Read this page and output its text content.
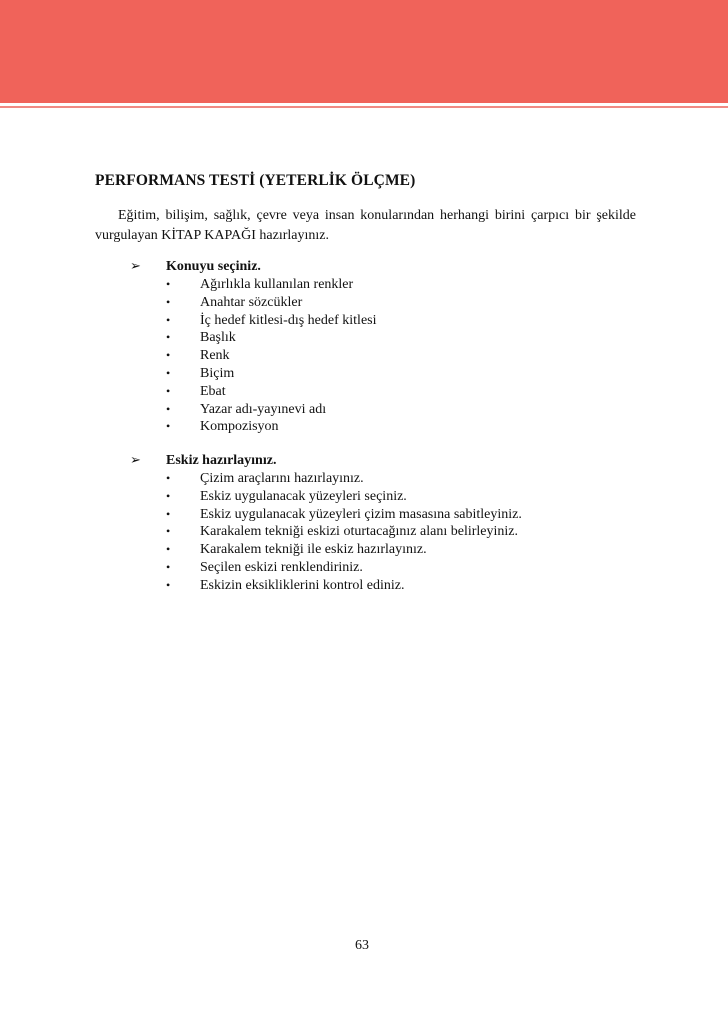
PERFORMANS TESTİ (YETERLİK ÖLÇME)
Eğitim, bilişim, sağlık, çevre veya insan konularından herhangi birini çarpıcı bir şekilde vurgulayan KİTAP KAPAĞI hazırlayınız.
➢ Konuyu seçiniz.
• Ağırlıkla kullanılan renkler
• Anahtar sözcükler
• İç hedef kitlesi-dış hedef kitlesi
• Başlık
• Renk
• Biçim
• Ebat
• Yazar adı-yayınevi adı
• Kompozisyon
➢ Eskiz hazırlayınız.
• Çizim araçlarını hazırlayınız.
• Eskiz uygulanacak yüzeyleri seçiniz.
• Eskiz uygulanacak yüzeyleri çizim masasına sabitleyiniz.
• Karakalem tekniği eskizi oturtacağınız alanı belirleyiniz.
• Karakalem tekniği ile eskiz hazırlayınız.
• Seçilen eskizi renklendiriniz.
• Eskizin eksikliklerini kontrol ediniz.
63
